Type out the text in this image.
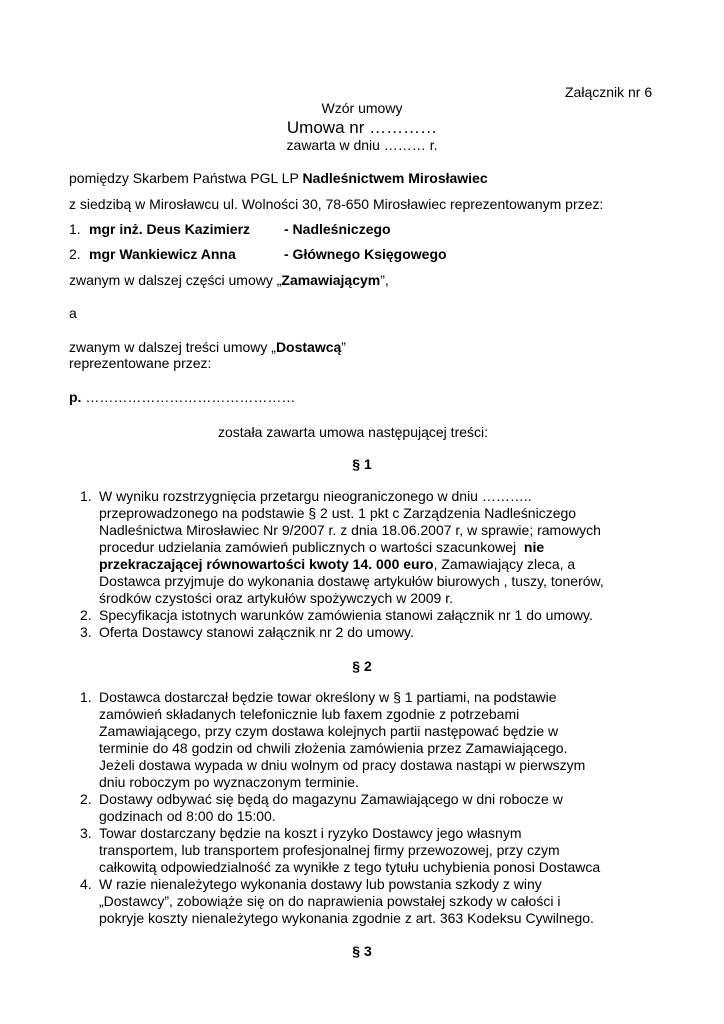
Załącznik nr 6
Wzór umowy
Umowa nr …………
zawarta w dniu ……… r.
pomiędzy Skarbem Państwa PGL LP Nadleśnictwem Mirosławiec
z siedzibą w Mirosławcu ul. Wolności 30, 78-650 Mirosławiec reprezentowanym przez:
1. mgr inż. Deus Kazimierz - Nadleśniczego
2. mgr Wankiewicz Anna	- Głównego Księgowego
zwanym w dalszej części umowy „Zamawiającym”,
a
zwanym w dalszej treści umowy „Dostawcą”
reprezentowane przez:
p. ………………………………………
została zawarta umowa następującej treści:
§ 1
1. W wyniku rozstrzygnięcia przetargu nieograniczonego w dniu ………..
przeprowadzonego na podstawie § 2 ust. 1 pkt c Zarządzenia Nadleśniczego
Nadleśnictwa Mirosławiec Nr 9/2007 r. z dnia 18.06.2007 r, w sprawie; ramowych
procedur udzielania zamówień publicznych o wartości szacunkowej  nie
przekraczającej równowartości kwoty 14. 000 euro, Zamawiający zleca, a
Dostawca przyjmuje do wykonania dostawę artykułów biurowych , tuszy, tonerów,
środków czystości oraz artykułów spożywczych w 2009 r.
2. Specyfikacja istotnych warunków zamówienia stanowi załącznik nr 1 do umowy.
3. Oferta Dostawcy stanowi załącznik nr 2 do umowy.
§ 2
1. Dostawca dostarczał będzie towar określony w § 1 partiami, na podstawie
zamówień składanych telefonicznie lub faxem zgodnie z potrzebami
Zamawiającego, przy czym dostawa kolejnych partii następować będzie w
terminie do 48 godzin od chwili złożenia zamówienia przez Zamawiającego.
Jeżeli dostawa wypada w dniu wolnym od pracy dostawa nastąpi w pierwszym
dniu roboczym po wyznaczonym terminie.
2. Dostawy odbywać się będą do magazynu Zamawiającego w dni robocze w
godzinach od 8:00 do 15:00.
3. Towar dostarczany będzie na koszt i ryzyko Dostawcy jego własnym
transportem, lub transportem profesjonalnej firmy przewozowej, przy czym
całkowitą odpowiedzialność za wynikłe z tego tytułu uchybienia ponosi Dostawca
4. W razie nienależytego wykonania dostawy lub powstania szkody z winy
„Dostawcy”, zobowiąże się on do naprawienia powstałej szkody w całości i
pokryje koszty nienależytego wykonania zgodnie z art. 363 Kodeksu Cywilnego.
§ 3
